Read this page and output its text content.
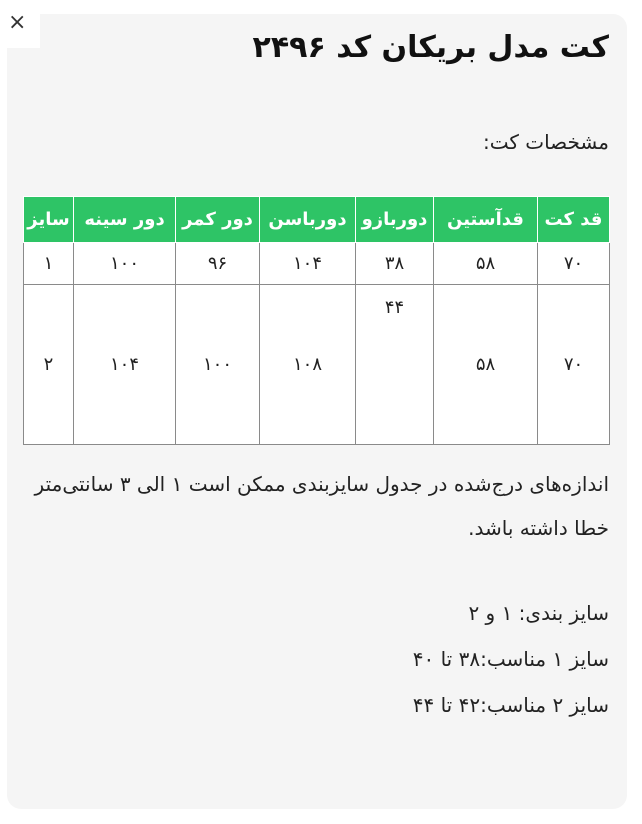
×
کت مدل بریکان کد ۲۴۹۶
مشخصات کت:
قد کت	قدآستین	دوربازو	دورباسن	دور کمر	دور سینه	سایز
۷۰	۵۸	۳۸	۱۰۴	۹۶	۱۰۰	۱
۷۰	۵۸	۴۴	۱۰۸	۱۰۰	۱۰۴	۲
اندازه‌های درج‌شده در جدول سایزبندی ممکن است ۱ الی ۳ سانتی‌متر خطا داشته باشد.
سایز بندی: ۱ و ۲
سایز ۱ مناسب:۳۸ تا ۴۰
سایز ۲ مناسب:۴۲ تا ۴۴
